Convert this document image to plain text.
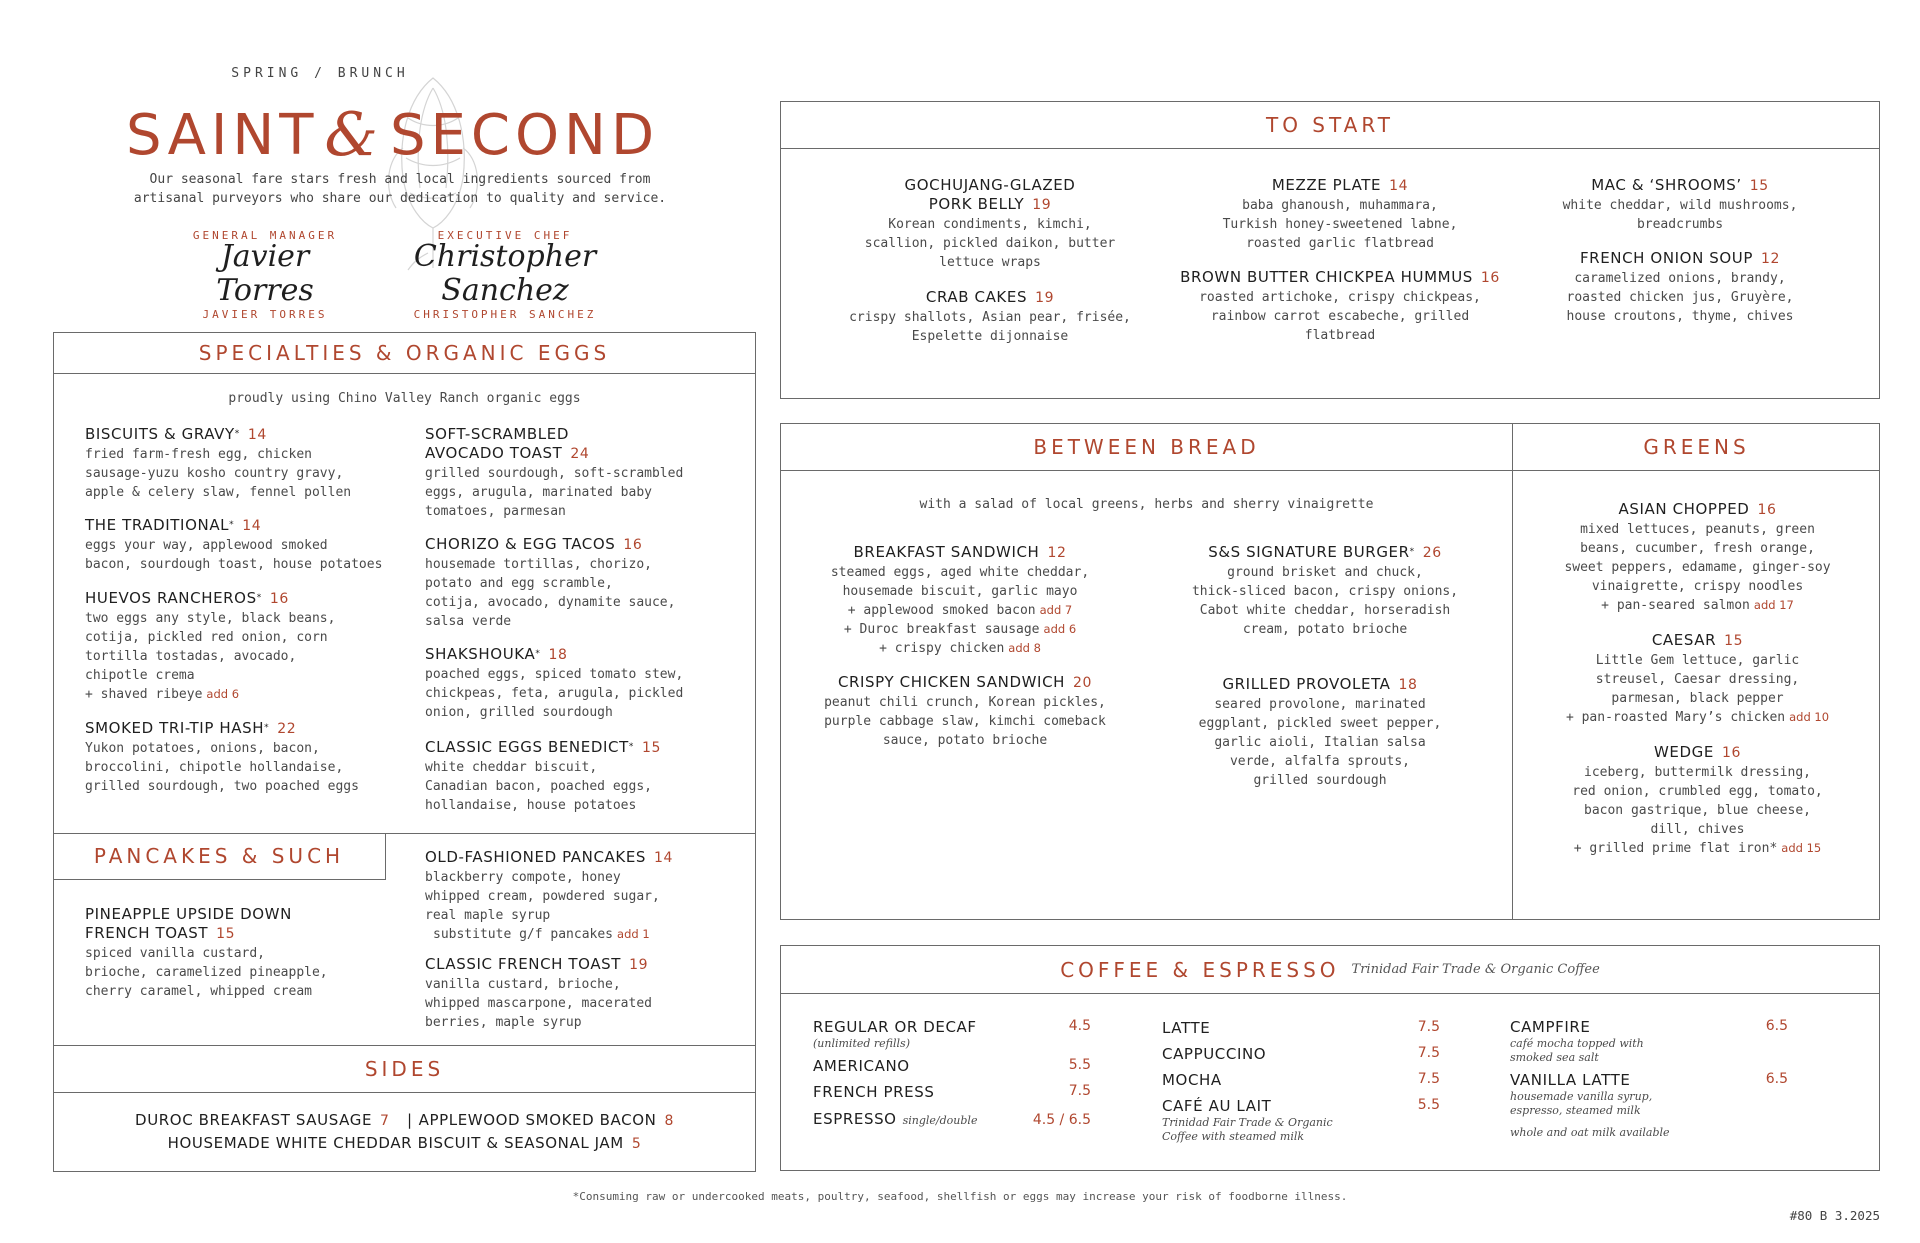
SPRING / BRUNCH
SAINT & SECOND
Our seasonal fare stars fresh and local ingredients sourced from
artisanal purveyors who share our dedication to quality and service.
GENERAL MANAGER
Javier Torres
JAVIER TORRES
EXECUTIVE CHEF
Christopher Sanchez
CHRISTOPHER SANCHEZ
TO START
GOCHUJANG-GLAZED
PORK BELLY 19
Korean condiments, kimchi,
scallion, pickled daikon, butter
lettuce wraps
CRAB CAKES 19
crispy shallots, Asian pear, frisée,
Espelette dijonnaise
MEZZE PLATE 14
baba ghanoush, muhammara,
Turkish honey-sweetened labne,
roasted garlic flatbread
BROWN BUTTER CHICKPEA HUMMUS 16
roasted artichoke, crispy chickpeas,
rainbow carrot escabeche, grilled
flatbread
MAC & ‘SHROOMS’ 15
white cheddar, wild mushrooms,
breadcrumbs
FRENCH ONION SOUP 12
caramelized onions, brandy,
roasted chicken jus, Gruyère,
house croutons, thyme, chives
SPECIALTIES & ORGANIC EGGS
proudly using Chino Valley Ranch organic eggs
BISCUITS & GRAVY* 14
fried farm-fresh egg, chicken
sausage-yuzu kosho country gravy,
apple & celery slaw, fennel pollen
THE TRADITIONAL* 14
eggs your way, applewood smoked
bacon, sourdough toast, house potatoes
HUEVOS RANCHEROS* 16
two eggs any style, black beans,
cotija, pickled red onion, corn
tortilla tostadas, avocado,
chipotle crema
+ shaved ribeye add 6
SMOKED TRI-TIP HASH* 22
Yukon potatoes, onions, bacon,
broccolini, chipotle hollandaise,
grilled sourdough, two poached eggs
SOFT-SCRAMBLED
AVOCADO TOAST 24
grilled sourdough, soft-scrambled
eggs, arugula, marinated baby
tomatoes, parmesan
CHORIZO & EGG TACOS 16
housemade tortillas, chorizo,
potato and egg scramble,
cotija, avocado, dynamite sauce,
salsa verde
SHAKSHOUKA* 18
poached eggs, spiced tomato stew,
chickpeas, feta, arugula, pickled
onion, grilled sourdough
CLASSIC EGGS BENEDICT* 15
white cheddar biscuit,
Canadian bacon, poached eggs,
hollandaise, house potatoes
PANCAKES & SUCH
PINEAPPLE UPSIDE DOWN
FRENCH TOAST 15
spiced vanilla custard,
brioche, caramelized pineapple,
cherry caramel, whipped cream
OLD-FASHIONED PANCAKES 14
blackberry compote, honey
whipped cream, powdered sugar,
real maple syrup
substitute g/f pancakes add 1
CLASSIC FRENCH TOAST 19
vanilla custard, brioche,
whipped mascarpone, macerated
berries, maple syrup
SIDES
DUROC BREAKFAST SAUSAGE 7 | APPLEWOOD SMOKED BACON 8
HOUSEMADE WHITE CHEDDAR BISCUIT & SEASONAL JAM 5
BETWEEN BREAD	GREENS
with a salad of local greens, herbs and sherry vinaigrette
BREAKFAST SANDWICH 12
steamed eggs, aged white cheddar,
housemade biscuit, garlic mayo
+ applewood smoked bacon add 7
+ Duroc breakfast sausage add 6
+ crispy chicken add 8
CRISPY CHICKEN SANDWICH 20
peanut chili crunch, Korean pickles,
purple cabbage slaw, kimchi comeback
sauce, potato brioche
S&S SIGNATURE BURGER* 26
ground brisket and chuck,
thick-sliced bacon, crispy onions,
Cabot white cheddar, horseradish
cream, potato brioche
GRILLED PROVOLETA 18
seared provolone, marinated
eggplant, pickled sweet pepper,
garlic aioli, Italian salsa
verde, alfalfa sprouts,
grilled sourdough
ASIAN CHOPPED 16
mixed lettuces, peanuts, green
beans, cucumber, fresh orange,
sweet peppers, edamame, ginger-soy
vinaigrette, crispy noodles
+ pan-seared salmon add 17
CAESAR 15
Little Gem lettuce, garlic
streusel, Caesar dressing,
parmesan, black pepper
+ pan-roasted Mary’s chicken add 10
WEDGE 16
iceberg, buttermilk dressing,
red onion, crumbled egg, tomato,
bacon gastrique, blue cheese,
dill, chives
+ grilled prime flat iron* add 15
COFFEE & ESPRESSO Trinidad Fair Trade & Organic Coffee
REGULAR OR DECAF	4.5
(unlimited refills)
AMERICANO	5.5
FRENCH PRESS	7.5
ESPRESSO single/double	4.5 / 6.5
LATTE	7.5
CAPPUCCINO	7.5
MOCHA	7.5
CAFÉ AU LAIT	5.5
Trinidad Fair Trade & Organic
Coffee with steamed milk
CAMPFIRE	6.5
café mocha topped with
smoked sea salt
VANILLA LATTE	6.5
housemade vanilla syrup,
espresso, steamed milk
whole and oat milk available
*Consuming raw or undercooked meats, poultry, seafood, shellfish or eggs may increase your risk of foodborne illness.
#80 B 3.2025
